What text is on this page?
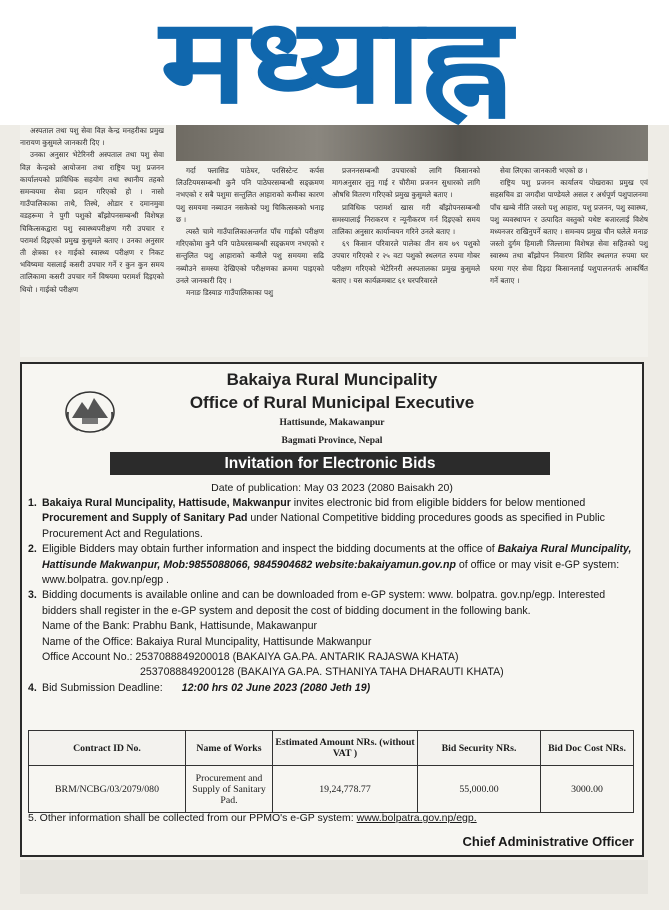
मध्याह्न

अस्पताल तथा पशु सेवा विज्ञ केन्द्र मनहरीका प्रमुख नारायण कुसुमले जानकारी दिए ।

उनका अनुसार भेटेरिनरी अस्पताल तथा पशु सेवा विज्ञ केन्द्रको आयोजना तथा राष्ट्रिय पशु प्रजनन कार्यालयको प्राविधिक सहयोग तथा स्थानीय तहको समन्वयमा सेवा प्रदान गरिएको हो । नासो गाउँपालिकाका ताथै, तिस्थे, ओडार र दमानमुवा वडहरूमा ने पुगी पशुको बाँझोपनसम्बन्धी विशेषज्ञ चिकित्सकद्वारा पशु स्वास्थ्यपरीक्षण गरी उपचार र परामर्श दिइएको प्रमुख कुसुमले बताए । उनका अनुसार ती क्षेत्रका १२ गाईको स्वास्थ्य परीक्षण र निकट भविष्यमा यसलाई कसरी उपचार गर्ने र कुन कुन समय तालिकामा कसरी उपचार गर्ने विषयमा परामर्श दिइएको थियो । गाईको परीक्षण

गर्दा फ्लासिड पाठेघर, परसिस्टेन्ट कर्पस लिउटियमसम्बन्धी कुनै पनि पाठेघरसम्बन्धी सङ्क्रमण नभएको र सबै पशुमा सन्तुलित आहाराको कमीका कारण पशु समयमा नब्याउन नसकेको पशु चिकित्सकको भनाइ छ ।

त्यस्तै चामे गाउँपालिकाअन्तर्गत पाँच गाईको परीक्षण गरिएकोमा कुनै पनि पाठेघरसम्बन्धी सङ्क्रमण नभएको र सन्तुलित पशु आहाराको कमीले पशु समयमा सढि नब्यौउने समस्या देखिएको परीक्षणका क्रममा पाइएको उनले जानकारी दिए ।

मनाङ डिस्याङ गाउँपालिकाका पशु

प्रजननसम्बन्धी उपचारको लागि किसानको मागअनुसार लुनु गाई र चौरीमा प्रजनन सुधारको लागि औषधि वितरण गरिएको प्रमुख कुसुमले बताए ।

प्राविधिक परामर्श खास गरी बाँझोपनसम्बन्धी समस्यालाई निराकरण र न्यूनीकरण गर्न दिइएको समय तालिका अनुसार कार्यान्वयन गरिने उनले बताए ।

६९ किसान परिवारले पालेका तीन सय ७९ पशुको उपचार गरिएको र २५ वटा पशुको स्थलगत रुपमा गोबर परीक्षण गरिएको भेटेरिनरी अस्पतालका प्रमुख कुसुमले बताए । यस कार्यक्रमबाट ६१ घरपरिवारले

सेवा लिएका जानकारी भएको छ ।

राष्ट्रिय पशु प्रजनन कार्यालय पोखराका प्रमुख एवं सहसचिव डा जगदीश पाण्डेयले असल र अर्धपूर्ण पशुपालनमा पाँच खम्बे नीति जस्तो पशु आहारा, पशु प्रजनन, पशु स्वास्थ्य, पशु व्यवस्थापन र उत्पादित वस्तुको यथेष्ट बजारलाई विशेष मध्यनजर राखिनुपर्ने बताए । समन्वय प्रमुख चीन घलेले मनाङ जस्तो दुर्गम हिमाली जिल्लामा विशेषज्ञ सेवा सहितको पशु स्वास्थ्य तथा बाँझोपन निवारण शिविर स्थलगत रुपमा घर घरमा गएर सेवा दिइदा किसानलाई पशुपालनतर्फ आकर्षित गर्ने बताए ।

Bakaiya Rural Muncipality
Office of Rural Municipal Executive
Hattisunde, Makawanpur
Bagmati Province, Nepal
Invitation for Electronic Bids
Date of publication: May 03 2023 (2080 Baisakh 20)

1. Bakaiya Rural Muncipality, Hattisude, Makwanpur invites electronic bid from eligible bidders for below mentioned Procurement and Supply of Sanitary Pad under National Competitive bidding procedures goods as specified in Public Procurement Act and Regulations.

2. Eligible Bidders may obtain further information and inspect the bidding documents at the office of Bakaiya Rural Muncipality, Hattisunde Makwanpur, Mob:9855088066, 9845904682 website:bakaiyamun.gov.np of office or may visit e-GP system: www.bolpatra. gov.np/egp .

3. Bidding documents is available online and can be downloaded from e-GP system: www. bolpatra. gov.np/egp. Interested bidders shall register in the e-GP system and deposit the cost of bidding document in the following bank.

Name of the Bank: Prabhu Bank, Hattisunde, Makawanpur

Name of the Office: Bakaiya Rural Muncipality, Hattisunde Makwanpur

Office Account No.: 2537088849200018 (BAKAIYA GA.PA. ANTARIK RAJASWA KHATA)

2537088849200128 (BAKAIYA GA.PA. STHANIYA TAHA DHARAUTI KHATA)

4. Bid Submission Deadline: 12:00 hrs 02 June 2023 (2080 Jeth 19)

Contract ID No.	Name of Works	Estimated Amount NRs. (without VAT )	Bid Security NRs.	Bid Doc Cost NRs.
BRM/NCBG/03/2079/080	Procurement and Supply of Sanitary Pad.	19,24,778.77	55,000.00	3000.00
5. Other information shall be collected from our PPMO's e-GP system: www.bolpatra.gov.np/egp.
Chief Administrative Officer
